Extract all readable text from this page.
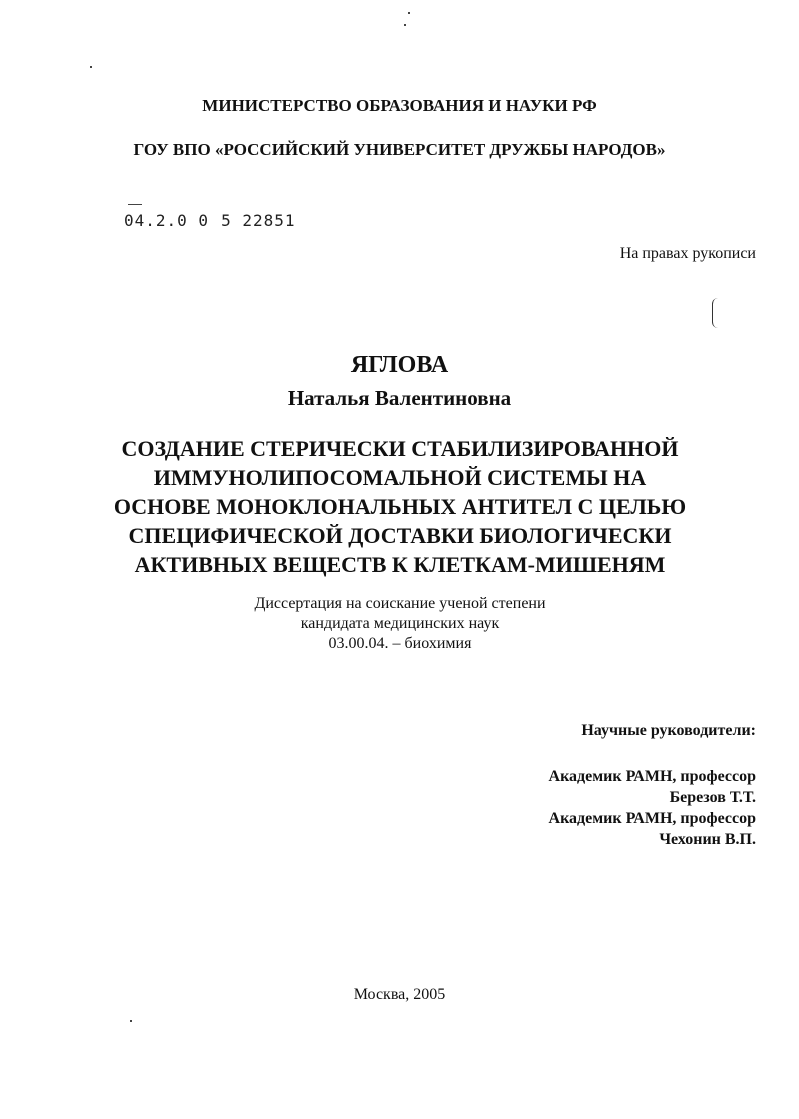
МИНИСТЕРСТВО ОБРАЗОВАНИЯ И НАУКИ РФ
ГОУ ВПО «РОССИЙСКИЙ УНИВЕРСИТЕТ ДРУЖБЫ НАРОДОВ»
04.2.0 0 5 22851
На правах рукописи
ЯГЛОВА
Наталья Валентиновна
СОЗДАНИЕ СТЕРИЧЕСКИ СТАБИЛИЗИРОВАННОЙ
ИММУНОЛИПОСОМАЛЬНОЙ СИСТЕМЫ НА
ОСНОВЕ МОНОКЛОНАЛЬНЫХ АНТИТЕЛ С ЦЕЛЬЮ
СПЕЦИФИЧЕСКОЙ ДОСТАВКИ БИОЛОГИЧЕСКИ
АКТИВНЫХ ВЕЩЕСТВ К КЛЕТКАМ-МИШЕНЯМ
Диссертация на соискание ученой степени
кандидата медицинских наук
03.00.04. – биохимия
Научные руководители:
Академик РАМН, профессор
Березов Т.Т.
Академик РАМН, профессор
Чехонин В.П.
Москва, 2005
